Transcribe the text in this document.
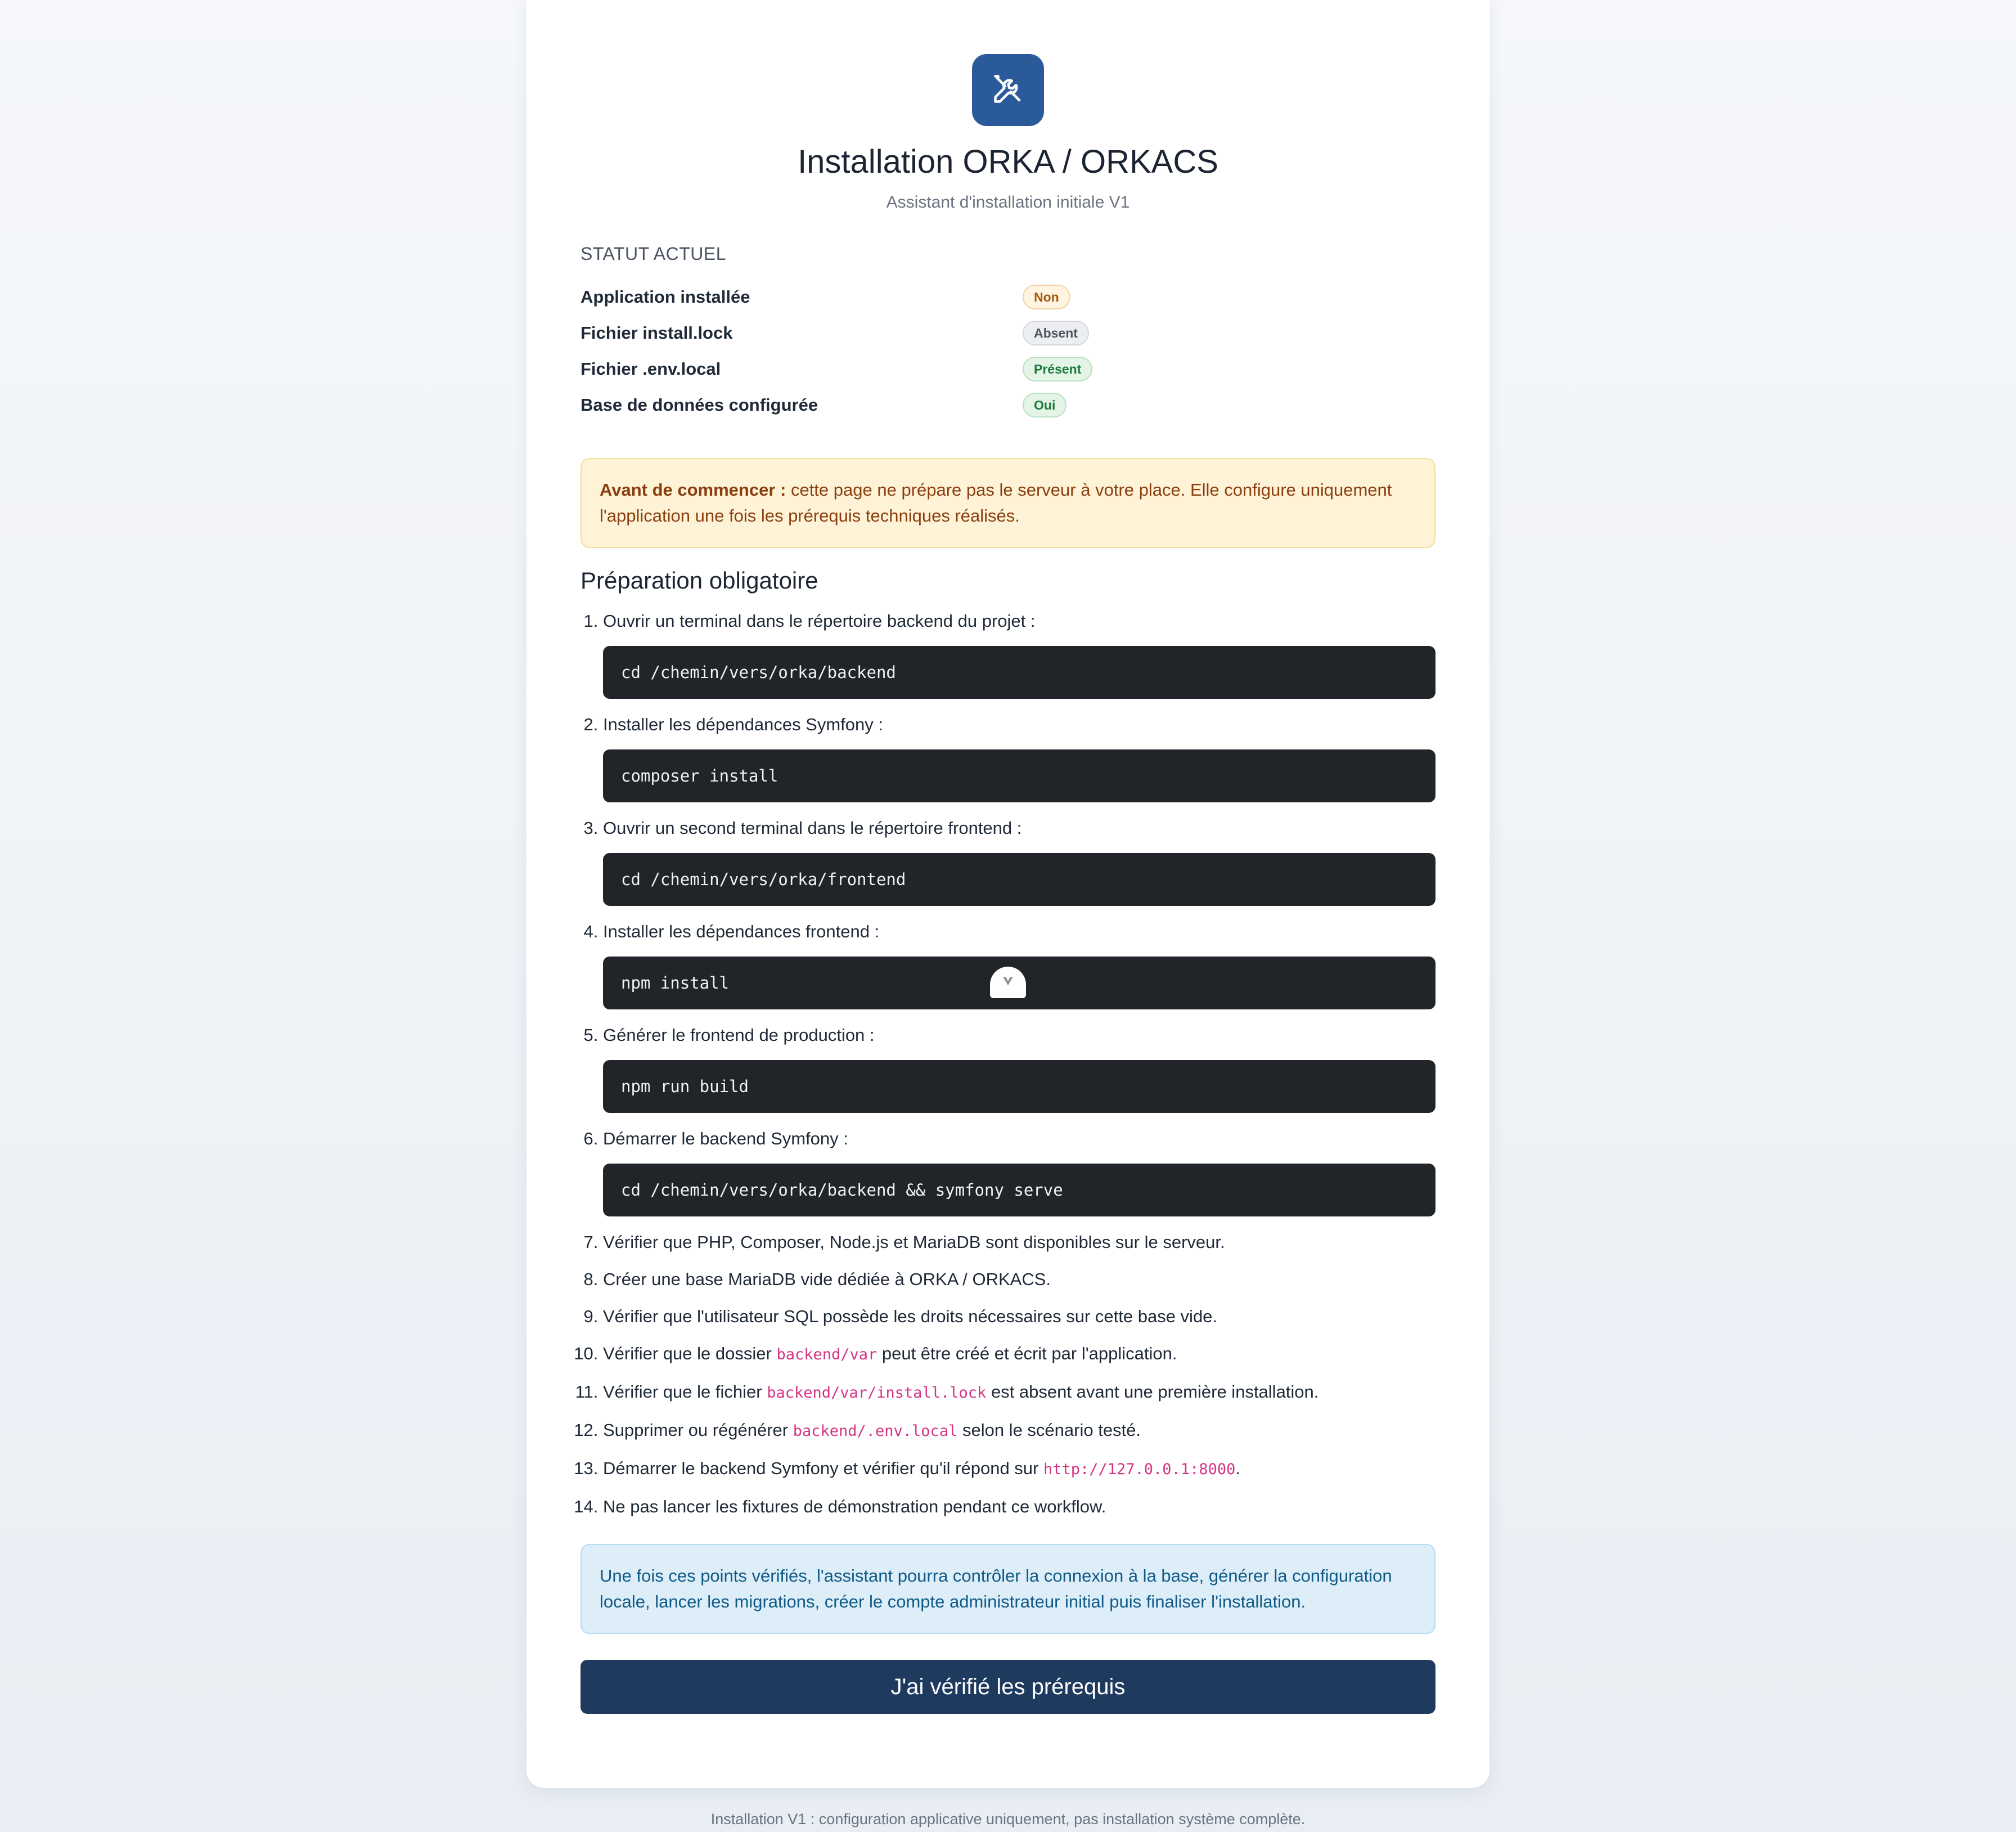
Installation ORKA / ORKACS
Assistant d'installation initiale V1
STATUT ACTUEL
Application installée	Non
Fichier install.lock	Absent
Fichier .env.local	Présent
Base de données configurée	Oui
Avant de commencer : cette page ne prépare pas le serveur à votre place. Elle configure uniquement l'application une fois les prérequis techniques réalisés.
Préparation obligatoire
1. Ouvrir un terminal dans le répertoire backend du projet :
cd /chemin/vers/orka/backend
2. Installer les dépendances Symfony :
composer install
3. Ouvrir un second terminal dans le répertoire frontend :
cd /chemin/vers/orka/frontend
4. Installer les dépendances frontend :
npm install
5. Générer le frontend de production :
npm run build
6. Démarrer le backend Symfony :
cd /chemin/vers/orka/backend && symfony serve
7. Vérifier que PHP, Composer, Node.js et MariaDB sont disponibles sur le serveur.
8. Créer une base MariaDB vide dédiée à ORKA / ORKACS.
9. Vérifier que l'utilisateur SQL possède les droits nécessaires sur cette base vide.
10. Vérifier que le dossier backend/var peut être créé et écrit par l'application.
11. Vérifier que le fichier backend/var/install.lock est absent avant une première installation.
12. Supprimer ou régénérer backend/.env.local selon le scénario testé.
13. Démarrer le backend Symfony et vérifier qu'il répond sur http://127.0.0.1:8000.
14. Ne pas lancer les fixtures de démonstration pendant ce workflow.
Une fois ces points vérifiés, l'assistant pourra contrôler la connexion à la base, générer la configuration locale, lancer les migrations, créer le compte administrateur initial puis finaliser l'installation.
J'ai vérifié les prérequis
Installation V1 : configuration applicative uniquement, pas installation système complète.
